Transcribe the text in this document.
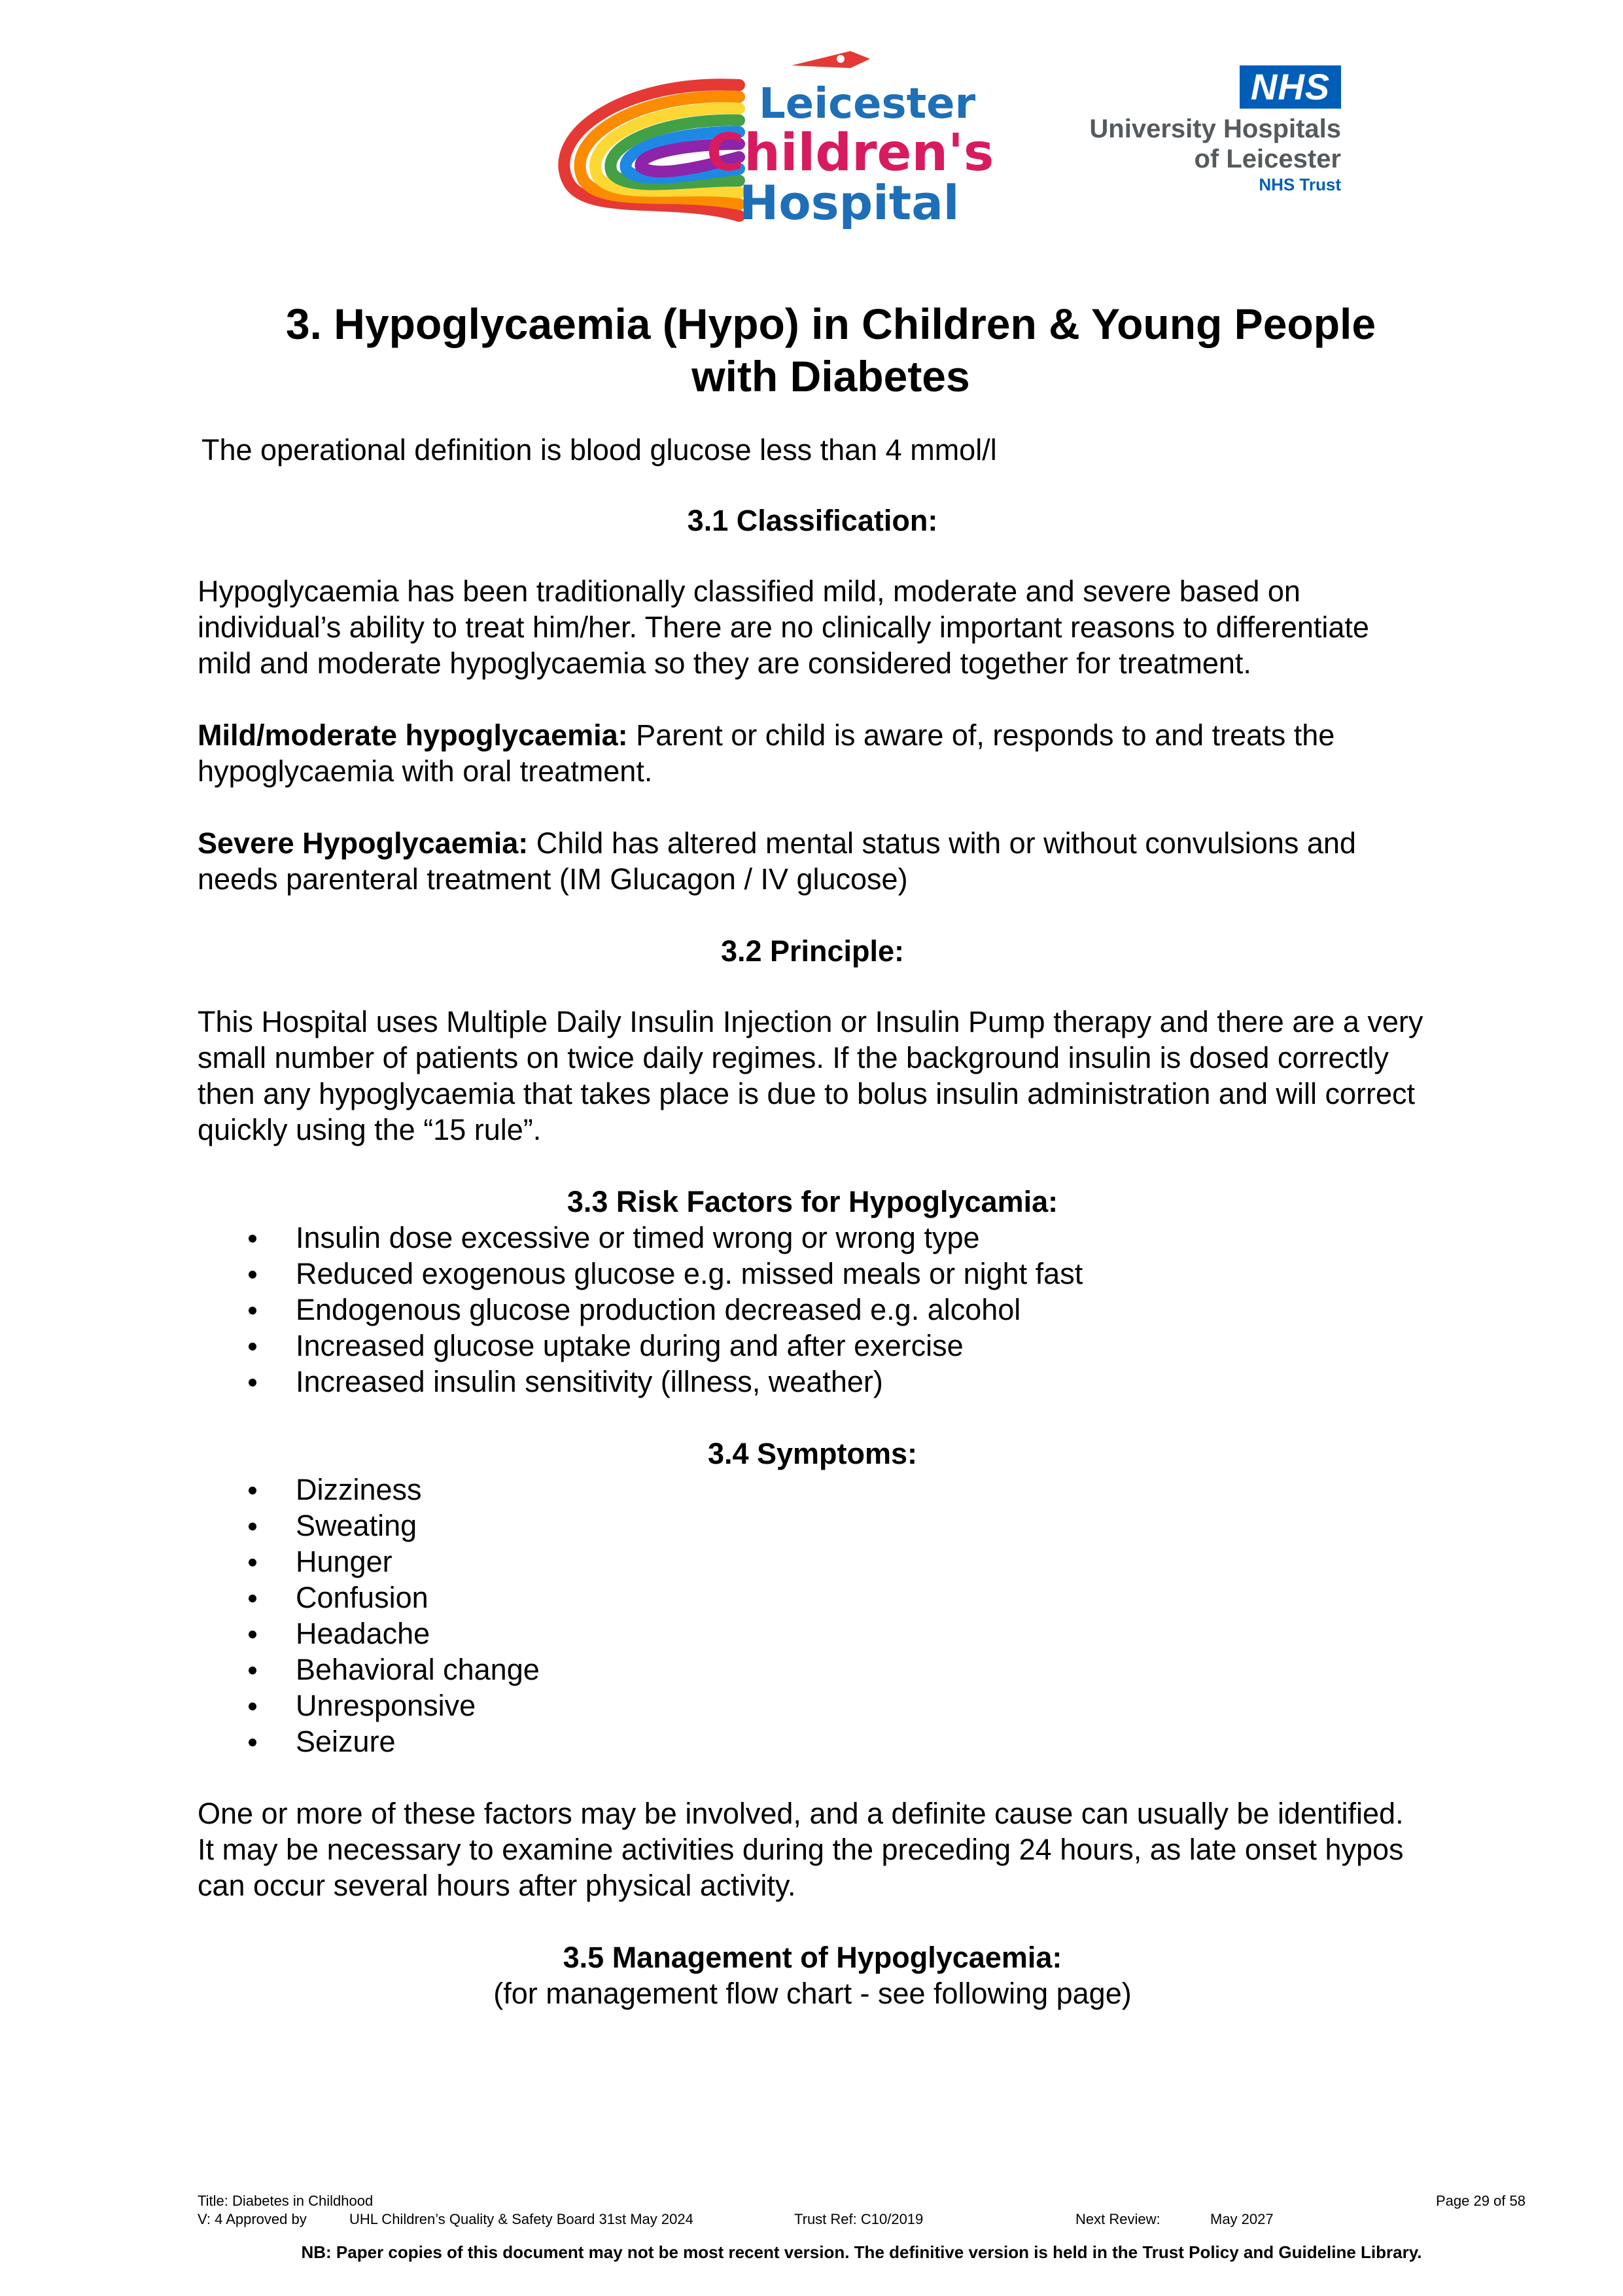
Leicester
Children's
Hospital
NHS
University Hospitals
of Leicester
NHS Trust
3. Hypoglycaemia (Hypo) in Children & Young People
with Diabetes

The operational definition is blood glucose less than 4 mmol/l

3.1 Classification:

Hypoglycaemia has been traditionally classified mild, moderate and severe based on individual’s ability to treat him/her. There are no clinically important reasons to differentiate mild and moderate hypoglycaemia so they are considered together for treatment.

Mild/moderate hypoglycaemia: Parent or child is aware of, responds to and treats the hypoglycaemia with oral treatment.

Severe Hypoglycaemia: Child has altered mental status with or without convulsions and needs parenteral treatment (IM Glucagon / IV glucose)

3.2 Principle:

This Hospital uses Multiple Daily Insulin Injection or Insulin Pump therapy and there are a very small number of patients on twice daily regimes. If the background insulin is dosed correctly then any hypoglycaemia that takes place is due to bolus insulin administration and will correct quickly using the “15 rule”.

3.3 Risk Factors for Hypoglycamia:

Insulin dose excessive or timed wrong or wrong type
Reduced exogenous glucose e.g. missed meals or night fast
Endogenous glucose production decreased e.g. alcohol
Increased glucose uptake during and after exercise
Increased insulin sensitivity (illness, weather)

3.4 Symptoms:

Dizziness
Sweating
Hunger
Confusion
Headache
Behavioral change
Unresponsive
Seizure

One or more of these factors may be involved, and a definite cause can usually be identified. It may be necessary to examine activities during the preceding 24 hours, as late onset hypos can occur several hours after physical activity.

3.5 Management of Hypoglycaemia:

(for management flow chart - see following page)

Title: Diabetes in Childhood	Page 29 of 58
V: 4 Approved by	UHL Children’s Quality & Safety Board 31st May 2024	Trust Ref: C10/2019	Next Review:	May 2027
NB: Paper copies of this document may not be most recent version. The definitive version is held in the Trust Policy and Guideline Library.
